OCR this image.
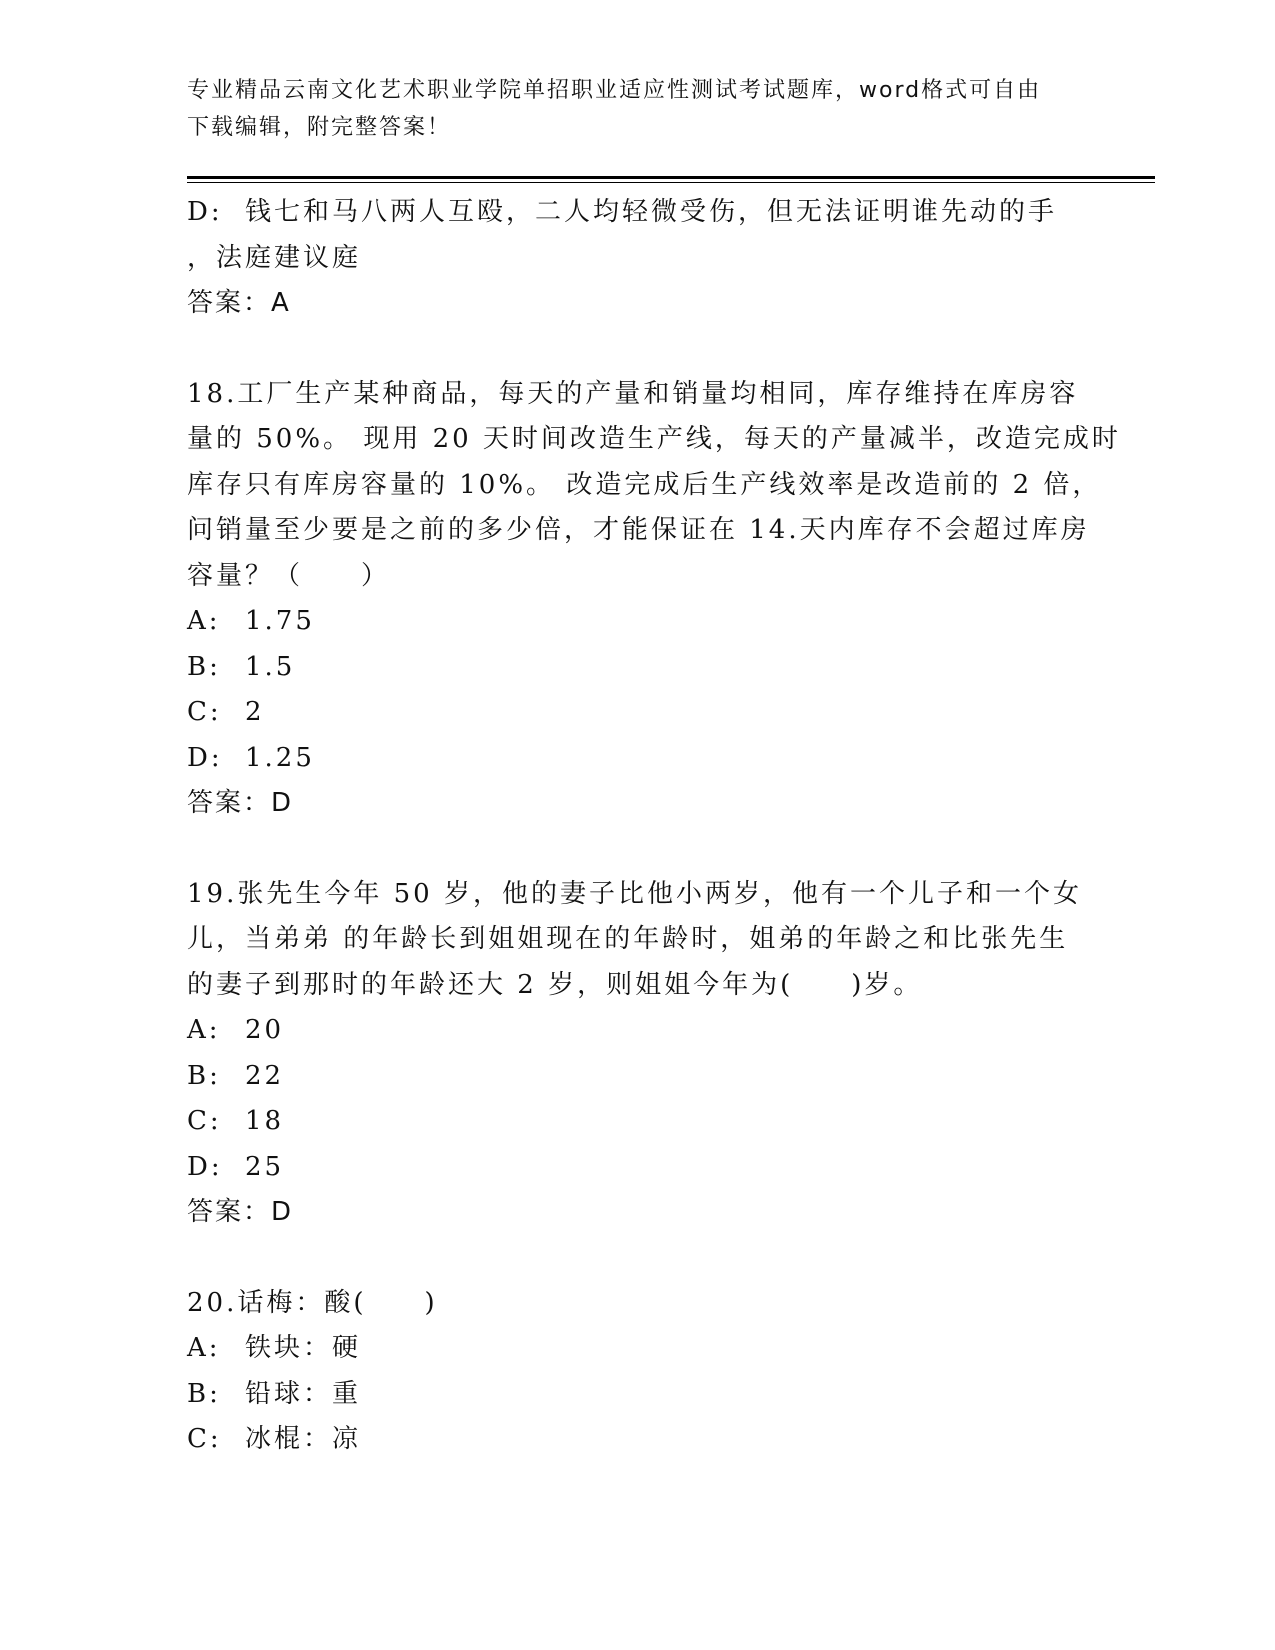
专业精品云南文化艺术职业学院单招职业适应性测试考试题库，word格式可自由
下载编辑，附完整答案！
D: 钱七和马八两人互殴，二人均轻微受伤，但无法证明谁先动的手
，法庭建议庭
答案：A
18.工厂生产某种商品，每天的产量和销量均相同，库存维持在库房容
量的 50%。 现用 20 天时间改造生产线，每天的产量减半，改造完成时
库存只有库房容量的 10%。 改造完成后生产线效率是改造前的 2 倍，
问销量至少要是之前的多少倍，才能保证在 14.天内库存不会超过库房
容量？（　　）
A: 1.75
B: 1.5
C: 2
D: 1.25
答案：D
19.张先生今年 50 岁，他的妻子比他小两岁，他有一个儿子和一个女
儿，当弟弟 的年龄长到姐姐现在的年龄时，姐弟的年龄之和比张先生
的妻子到那时的年龄还大 2 岁，则姐姐今年为(　　)岁。
A: 20
B: 22
C: 18
D: 25
答案：D
20.话梅：酸(　　)
A: 铁块：硬
B: 铅球：重
C: 冰棍：凉
